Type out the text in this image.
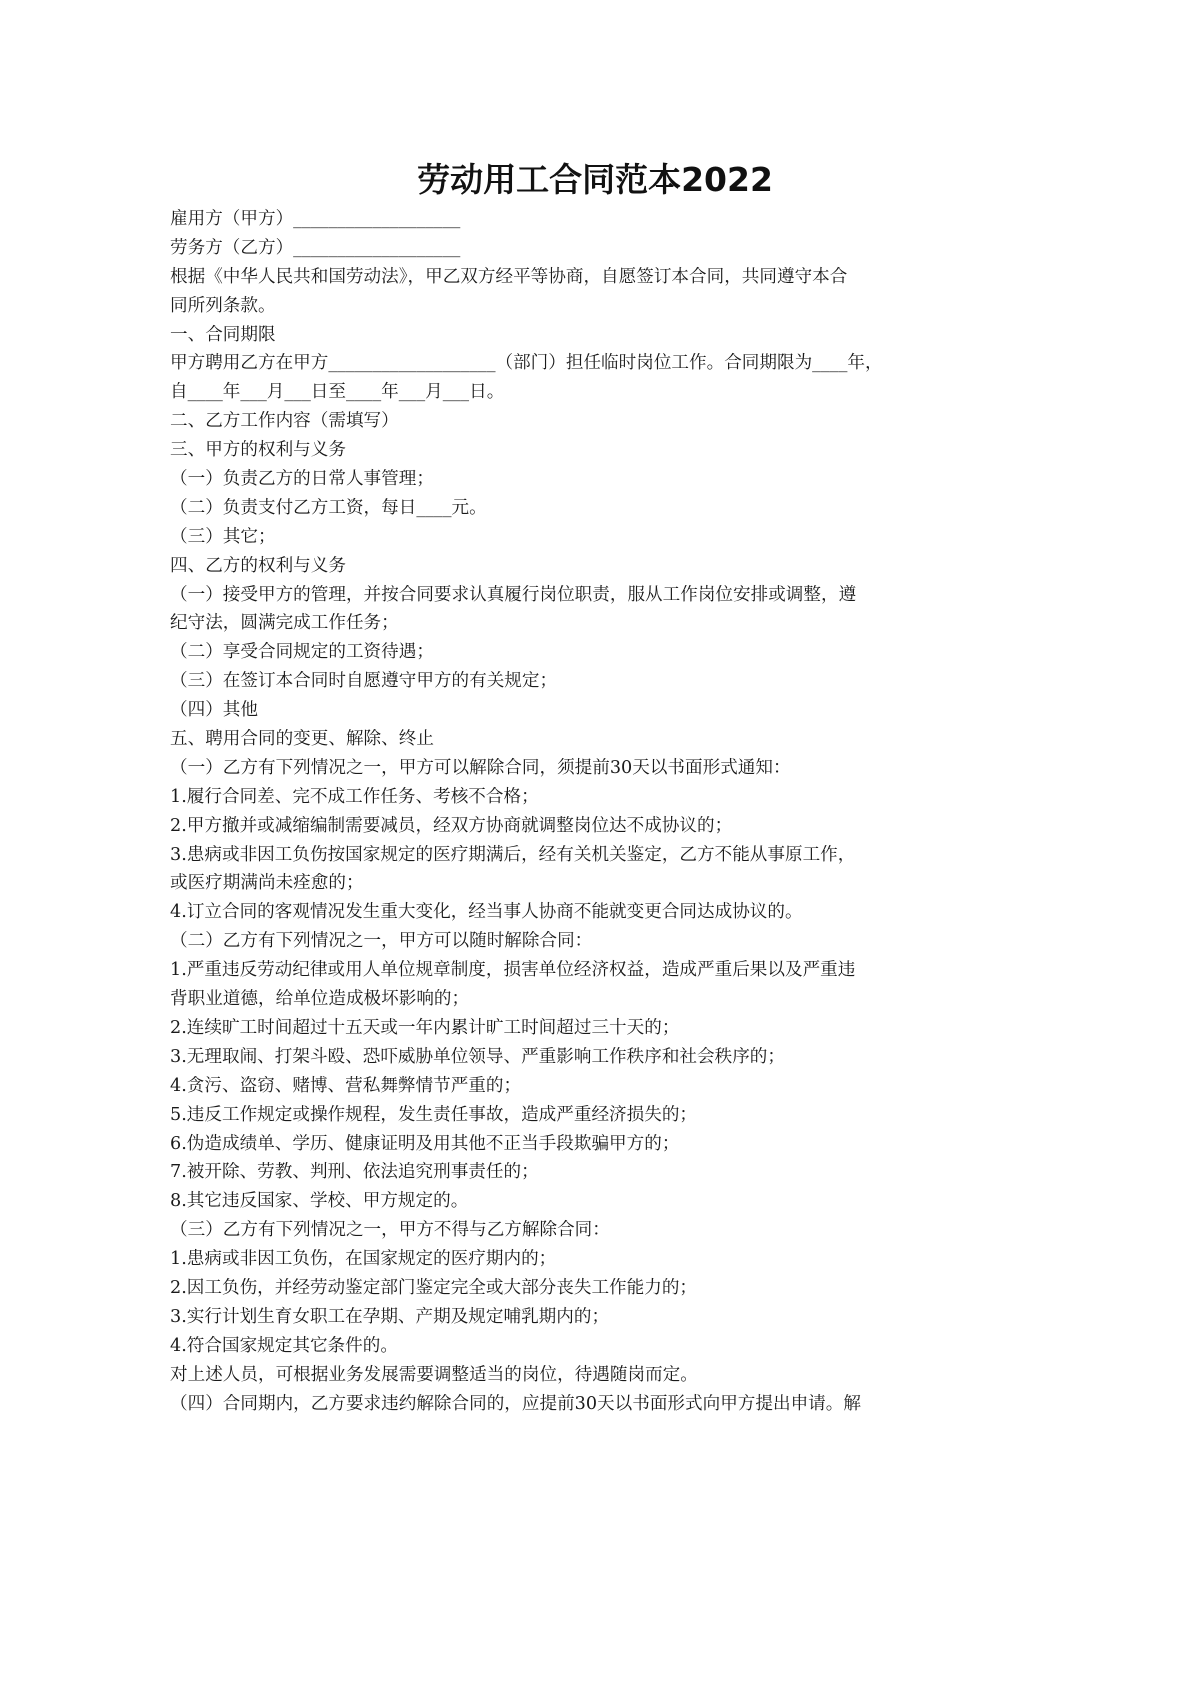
劳动用工合同范本2022
雇用方（甲方）___________________
劳务方（乙方）___________________
根据《中华人民共和国劳动法》，甲乙双方经平等协商，自愿签订本合同，共同遵守本合
同所列条款。
一、合同期限
甲方聘用乙方在甲方___________________（部门）担任临时岗位工作。合同期限为____年，
自____年___月___日至____年___月___日。
二、乙方工作内容（需填写）
三、甲方的权利与义务
（一）负责乙方的日常人事管理；
（二）负责支付乙方工资，每日____元。
（三）其它；
四、乙方的权利与义务
（一）接受甲方的管理，并按合同要求认真履行岗位职责，服从工作岗位安排或调整，遵
纪守法，圆满完成工作任务；
（二）享受合同规定的工资待遇；
（三）在签订本合同时自愿遵守甲方的有关规定；
（四）其他
五、聘用合同的变更、解除、终止
（一）乙方有下列情况之一，甲方可以解除合同，须提前30天以书面形式通知：
1.履行合同差、完不成工作任务、考核不合格；
2.甲方撤并或减缩编制需要减员，经双方协商就调整岗位达不成协议的；
3.患病或非因工负伤按国家规定的医疗期满后，经有关机关鉴定，乙方不能从事原工作，
或医疗期满尚未痊愈的；
4.订立合同的客观情况发生重大变化，经当事人协商不能就变更合同达成协议的。
（二）乙方有下列情况之一，甲方可以随时解除合同：
1.严重违反劳动纪律或用人单位规章制度，损害单位经济权益，造成严重后果以及严重违
背职业道德，给单位造成极坏影响的；
2.连续旷工时间超过十五天或一年内累计旷工时间超过三十天的；
3.无理取闹、打架斗殴、恐吓威胁单位领导、严重影响工作秩序和社会秩序的；
4.贪污、盗窃、赌博、营私舞弊情节严重的；
5.违反工作规定或操作规程，发生责任事故，造成严重经济损失的；
6.伪造成绩单、学历、健康证明及用其他不正当手段欺骗甲方的；
7.被开除、劳教、判刑、依法追究刑事责任的；
8.其它违反国家、学校、甲方规定的。
（三）乙方有下列情况之一，甲方不得与乙方解除合同：
1.患病或非因工负伤，在国家规定的医疗期内的；
2.因工负伤，并经劳动鉴定部门鉴定完全或大部分丧失工作能力的；
3.实行计划生育女职工在孕期、产期及规定哺乳期内的；
4.符合国家规定其它条件的。
对上述人员，可根据业务发展需要调整适当的岗位，待遇随岗而定。
（四）合同期内，乙方要求违约解除合同的，应提前30天以书面形式向甲方提出申请。解
